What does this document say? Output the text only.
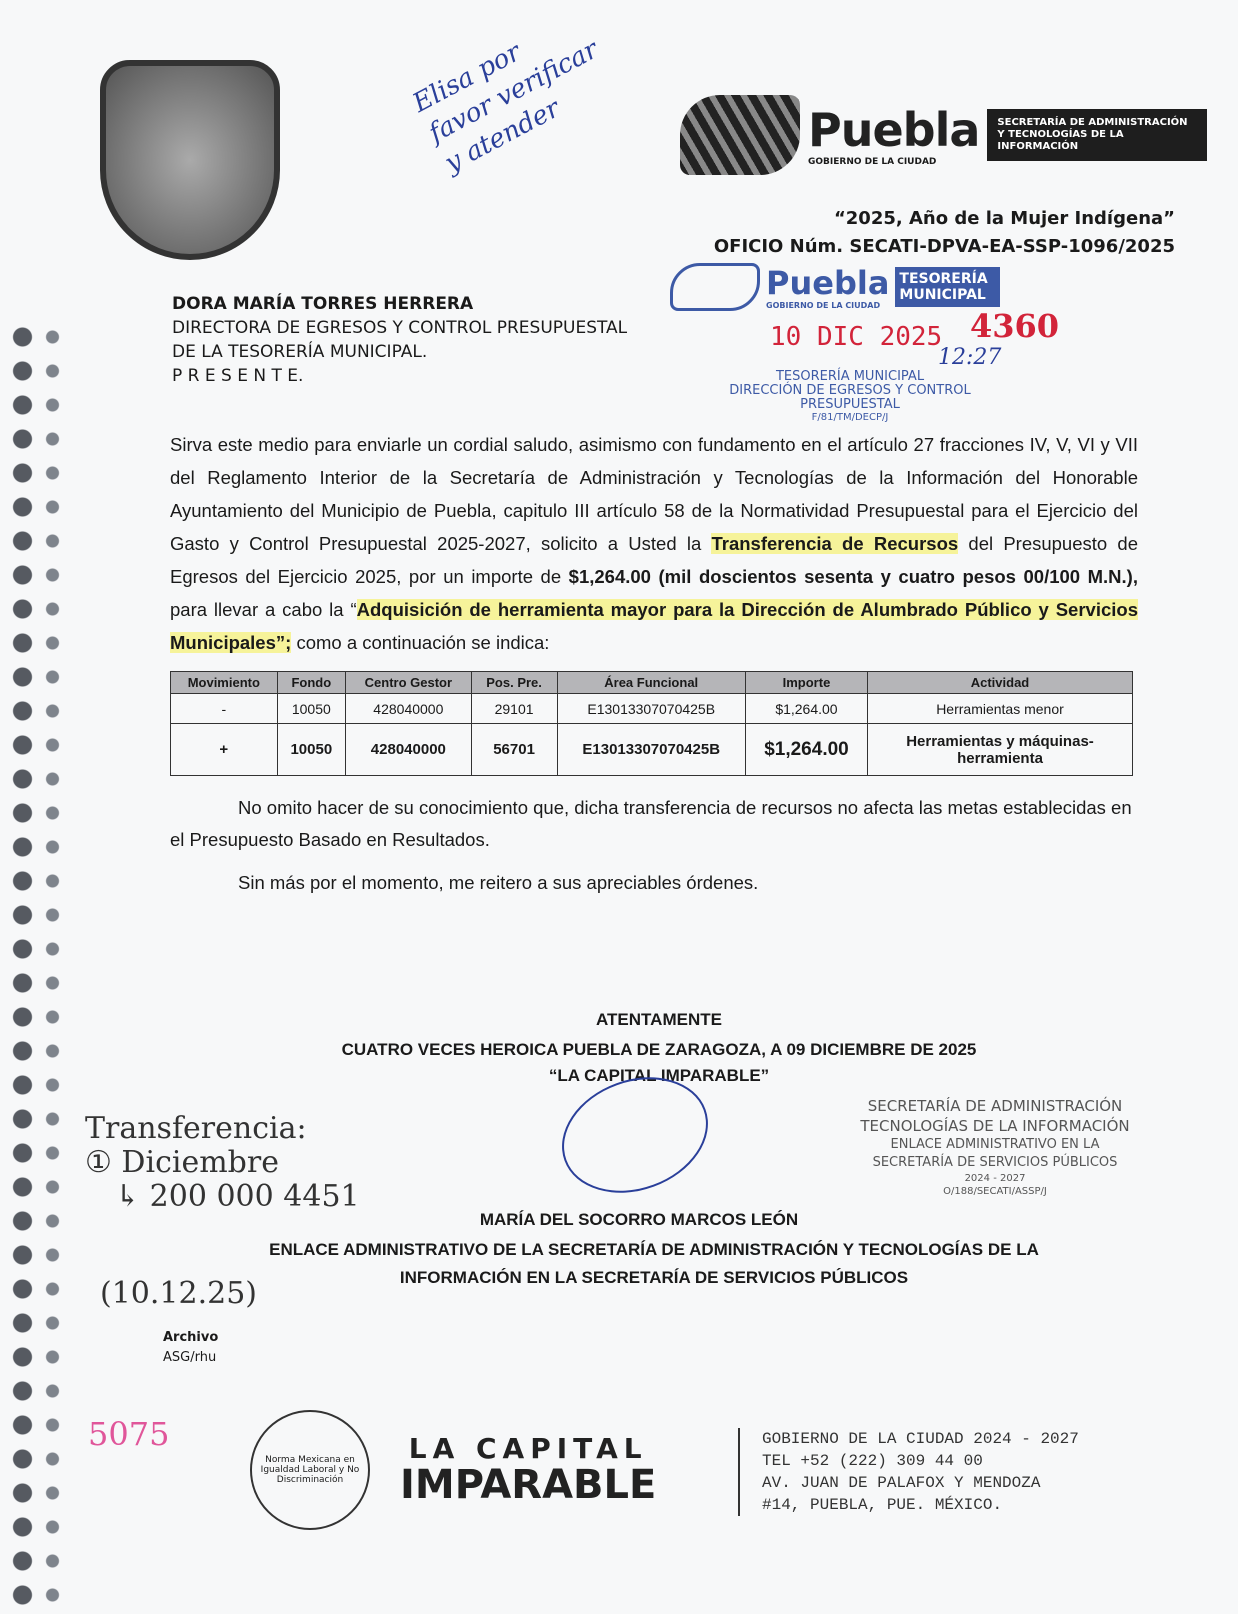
Elisa por favor verificar y atender	Puebla
GOBIERNO DE LA CIUDAD
SECRETARÍA DE ADMINISTRACIÓN Y TECNOLOGÍAS DE LA INFORMACIÓN
“2025, Año de la Mujer Indígena”
OFICIO Núm. SECATI-DPVA-EA-SSP-1096/2025
DORA MARÍA TORRES HERRERA
DIRECTORA DE EGRESOS Y CONTROL PRESUPUESTAL
DE LA TESORERÍA MUNICIPAL.
P R E S E N T E.
Puebla
GOBIERNO DE LA CIUDAD
TESORERÍA MUNICIPAL
10 DIC 2025
12:27
4360
TESORERÍA MUNICIPAL
DIRECCIÓN DE EGRESOS Y CONTROL
PRESUPUESTAL
F/81/TM/DECP/J
Sirva este medio para enviarle un cordial saludo, asimismo con fundamento en el artículo 27 fracciones IV, V, VI y VII del Reglamento Interior de la Secretaría de Administración y Tecnologías de la Información del Honorable Ayuntamiento del Municipio de Puebla, capitulo III artículo 58 de la Normatividad Presupuestal para el Ejercicio del Gasto y Control Presupuestal 2025-2027, solicito a Usted la Transferencia de Recursos del Presupuesto de Egresos del Ejercicio 2025, por un importe de $1,264.00 (mil doscientos sesenta y cuatro pesos 00/100 M.N.), para llevar a cabo la “Adquisición de herramienta mayor para la Dirección de Alumbrado Público y Servicios Municipales”; como a continuación se indica:
Movimiento	Fondo	Centro Gestor	Pos. Pre.	Área Funcional	Importe	Actividad
-	10050	428040000	29101	E13013307070425B	$1,264.00	Herramientas menor
+	10050	428040000	56701	E13013307070425B	$1,264.00	Herramientas y máquinas-herramienta
No omito hacer de su conocimiento que, dicha transferencia de recursos no afecta las metas establecidas en el Presupuesto Basado en Resultados.
Sin más por el momento, me reitero a sus apreciables órdenes.
ATENTAMENTE
CUATRO VECES HEROICA PUEBLA DE ZARAGOZA, A 09 DICIEMBRE DE 2025
“LA CAPITAL IMPARABLE”
SECRETARÍA DE ADMINISTRACIÓN
TECNOLOGÍAS DE LA INFORMACIÓN
ENLACE ADMINISTRATIVO EN LA
SECRETARÍA DE SERVICIOS PÚBLICOS
2024 - 2027
O/188/SECATI/ASSP/J
Transferencia:
① Diciembre
↳ 200 000 4451
(10.12.25)
MARÍA DEL SOCORRO MARCOS LEÓN
ENLACE ADMINISTRATIVO DE LA SECRETARÍA DE ADMINISTRACIÓN Y TECNOLOGÍAS DE LA
INFORMACIÓN EN LA SECRETARÍA DE SERVICIOS PÚBLICOS
Archivo
ASG/rhu
5075
Norma Mexicana en Igualdad Laboral y No Discriminación
LA CAPITAL
IMPARABLE
GOBIERNO DE LA CIUDAD 2024 - 2027
TEL +52 (222) 309 44 00
AV. JUAN DE PALAFOX Y MENDOZA
#14, PUEBLA, PUE. MÉXICO.
